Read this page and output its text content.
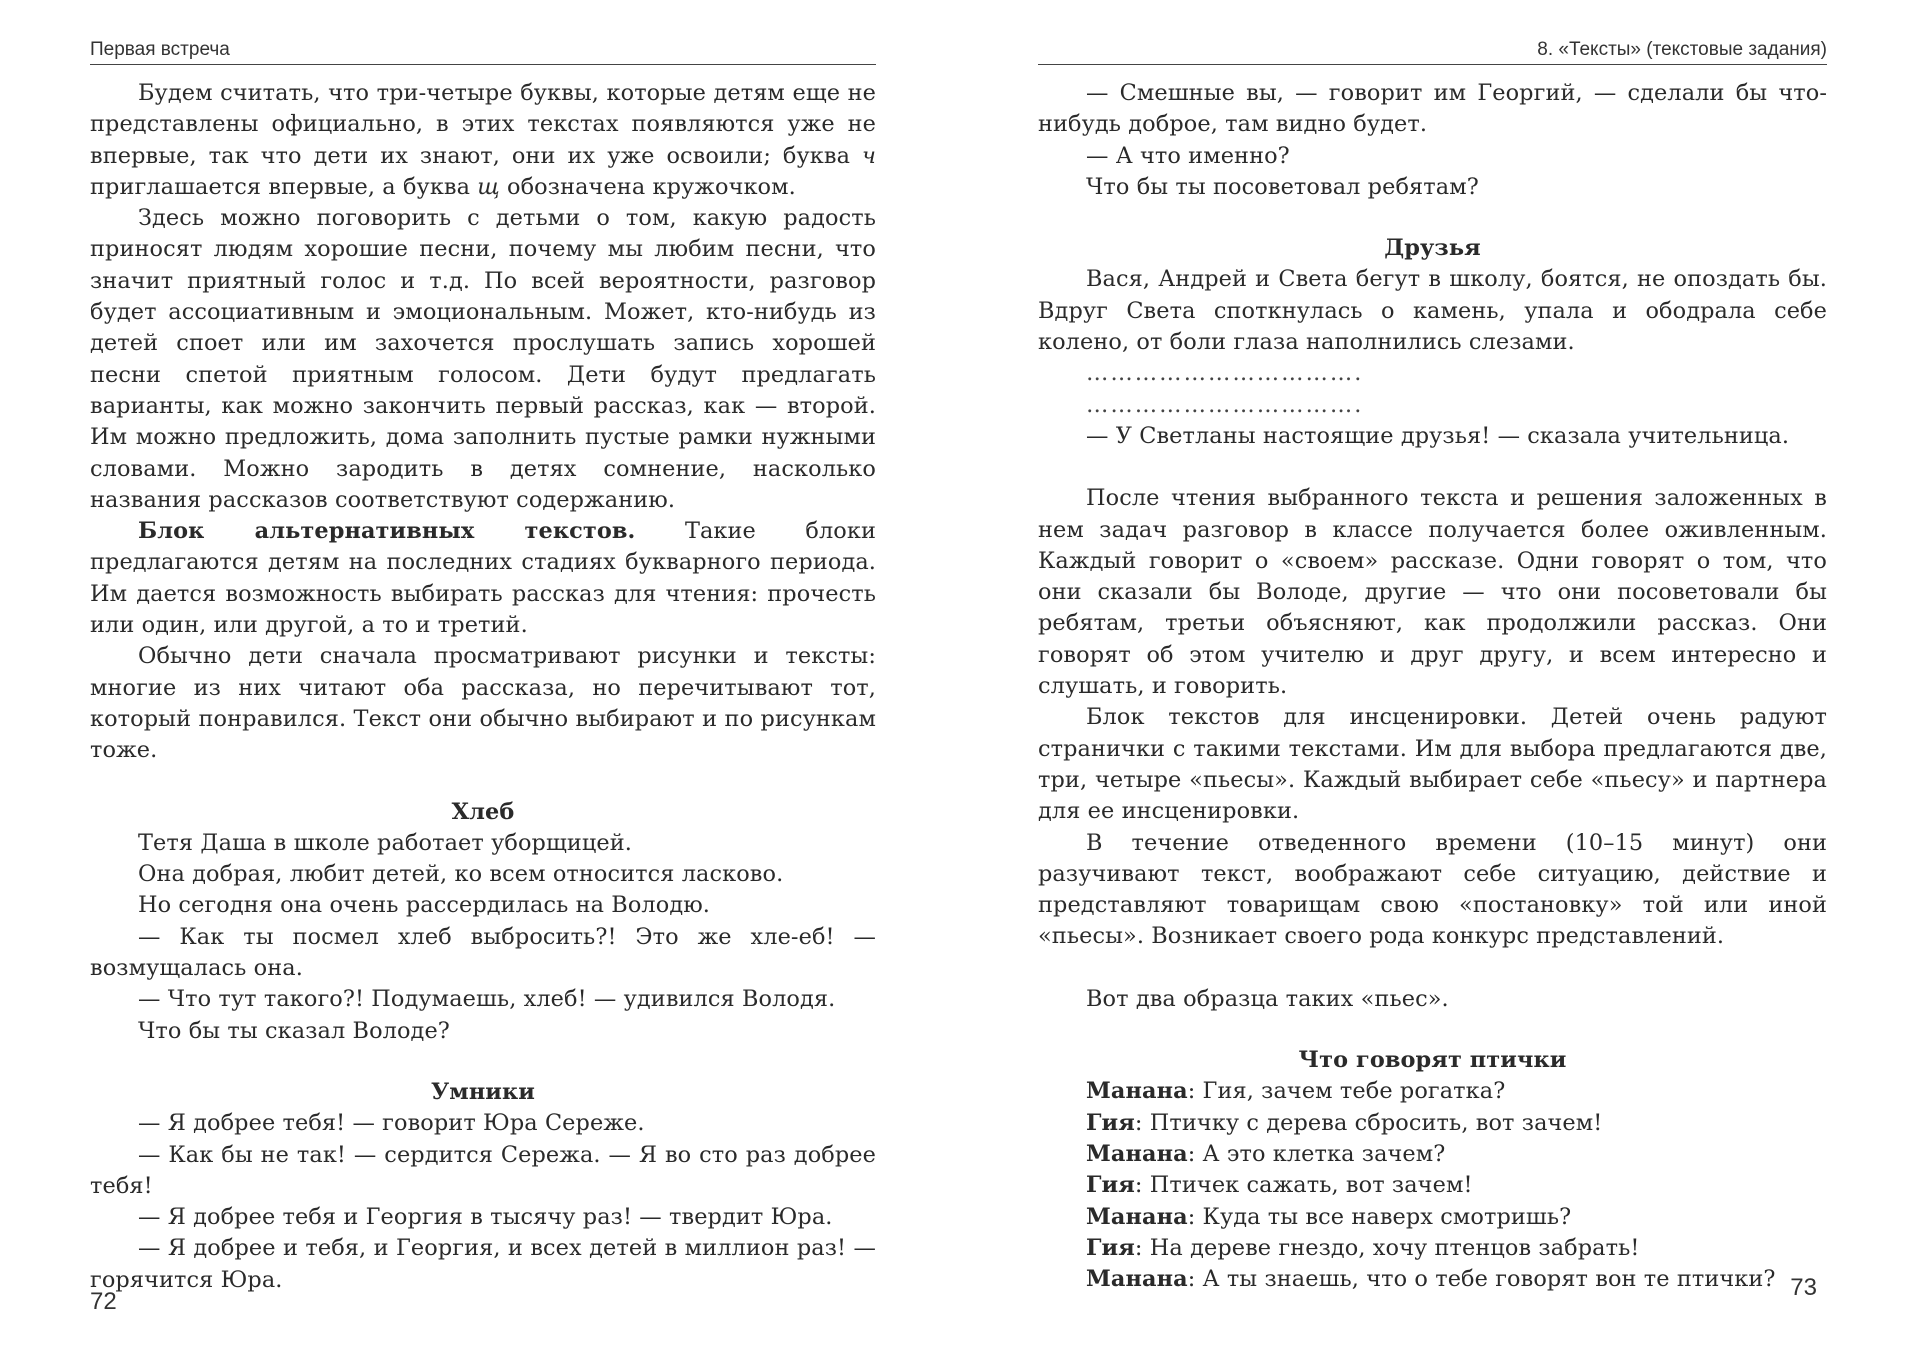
Первая встреча

Будем считать, что три-четыре буквы, которые детям еще не представлены официально, в этих текстах появляются уже не впервые, так что дети их знают, они их уже освоили; буква ч приглашается впервые, а буква щ обозначена кружочком.

Здесь можно поговорить с детьми о том, какую радость приносят людям хорошие песни, почему мы любим песни, что значит приятный голос и т.д. По всей вероятности, разговор будет ассоциативным и эмоциональным. Может, кто-нибудь из детей споет или им захочется прослушать запись хорошей песни спетой приятным голосом. Дети будут предлагать варианты, как можно закончить первый рассказ, как — второй. Им можно предложить, дома заполнить пустые рамки нужными словами. Можно зародить в детях сомнение, насколько названия рассказов соответствуют содержанию.

Блок альтернативных текстов. Такие блоки предлагаются детям на последних стадиях букварного периода. Им дается возможность выбирать рассказ для чтения: прочесть или один, или другой, а то и третий.

Обычно дети сначала просматривают рисунки и тексты: многие из них читают оба рассказа, но перечитывают тот, который понравился. Текст они обычно выбирают и по рисункам тоже.

Хлеб

Тетя Даша в школе работает уборщицей.

Она добрая, любит детей, ко всем относится ласково.

Но сегодня она очень рассердилась на Володю.

— Как ты посмел хлеб выбросить?! Это же хле-еб! — возмущалась она.

— Что тут такого?! Подумаешь, хлеб! — удивился Володя.

Что бы ты сказал Володе?

Умники

— Я добрее тебя! — говорит Юра Сереже.

— Как бы не так! — сердится Сережа. — Я во сто раз добрее тебя!

— Я добрее тебя и Георгия в тысячу раз! — твердит Юра.

— Я добрее и тебя, и Георгия, и всех детей в миллион раз! — горячится Юра.

72
8. «Тексты» (текстовые задания)

— Смешные вы, — говорит им Георгий, — сделали бы что-нибудь доброе, там видно будет.

— А что именно?

Что бы ты посоветовал ребятам?

Друзья

Вася, Андрей и Света бегут в школу, боятся, не опоздать бы. Вдруг Света споткнулась о камень, упала и ободрала себе колено, от боли глаза наполнились слезами.

…………………………….
…………………………….

— У Светланы настоящие друзья! — сказала учительница.

После чтения выбранного текста и решения заложенных в нем задач разговор в классе получается более оживленным. Каждый говорит о «своем» рассказе. Одни говорят о том, что они сказали бы Володе, другие — что они посоветовали бы ребятам, третьи объясняют, как продолжили рассказ. Они говорят об этом учителю и друг другу, и всем интересно и слушать, и говорить.

Блок текстов для инсценировки. Детей очень радуют странички с такими текстами. Им для выбора предлагаются две, три, четыре «пьесы». Каждый выбирает себе «пьесу» и партнера для ее инсценировки.

В течение отведенного времени (10–15 минут) они разучивают текст, воображают себе ситуацию, действие и представляют товарищам свою «постановку» той или иной «пьесы». Возникает своего рода конкурс представлений.

Вот два образца таких «пьес».

Что говорят птички

Манана: Гия, зачем тебе рогатка?
Гия: Птичку с дерева сбросить, вот зачем!
Манана: А это клетка зачем?
Гия: Птичек сажать, вот зачем!
Манана: Куда ты все наверх смотришь?
Гия: На дереве гнездо, хочу птенцов забрать!
Манана: А ты знаешь, что о тебе говорят вон те птички? 73
